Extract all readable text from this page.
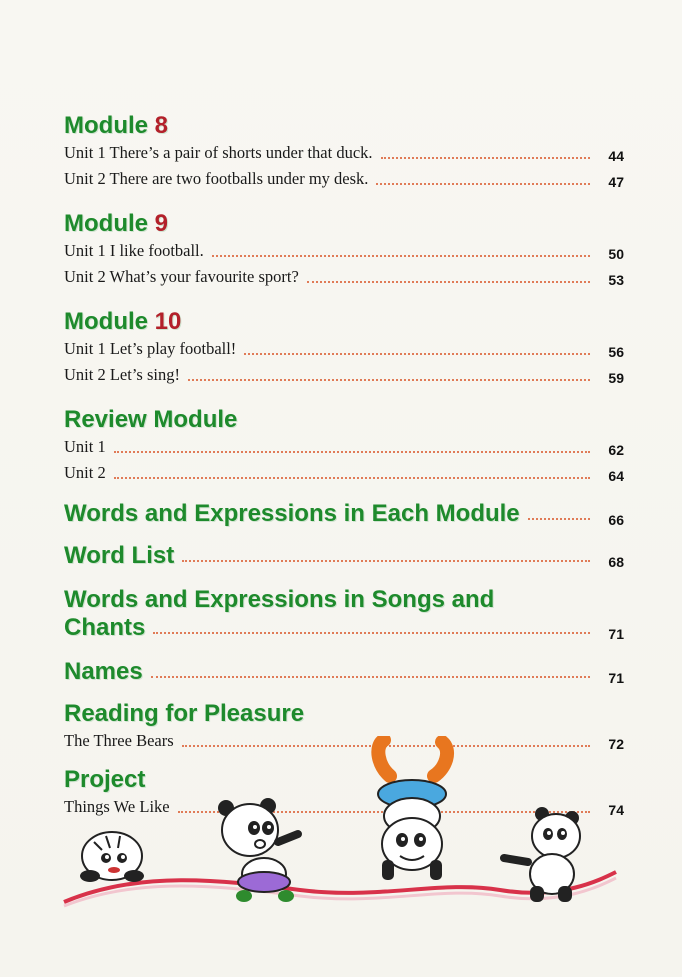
Module 8
Unit 1 There’s a pair of shorts under that duck.	44
Unit 2 There are two footballs under my desk.	47
Module 9
Unit 1 I like football.	50
Unit 2 What’s your favourite sport?	53
Module 10
Unit 1 Let’s play football!	56
Unit 2 Let’s sing!	59
Review Module
Unit 1	62
Unit 2	64
Words and Expressions in Each Module	66
Word List	68
Words and Expressions in Songs and
Chants	71
Names	71
Reading for Pleasure
The Three Bears	72
Project
Things We Like	74
